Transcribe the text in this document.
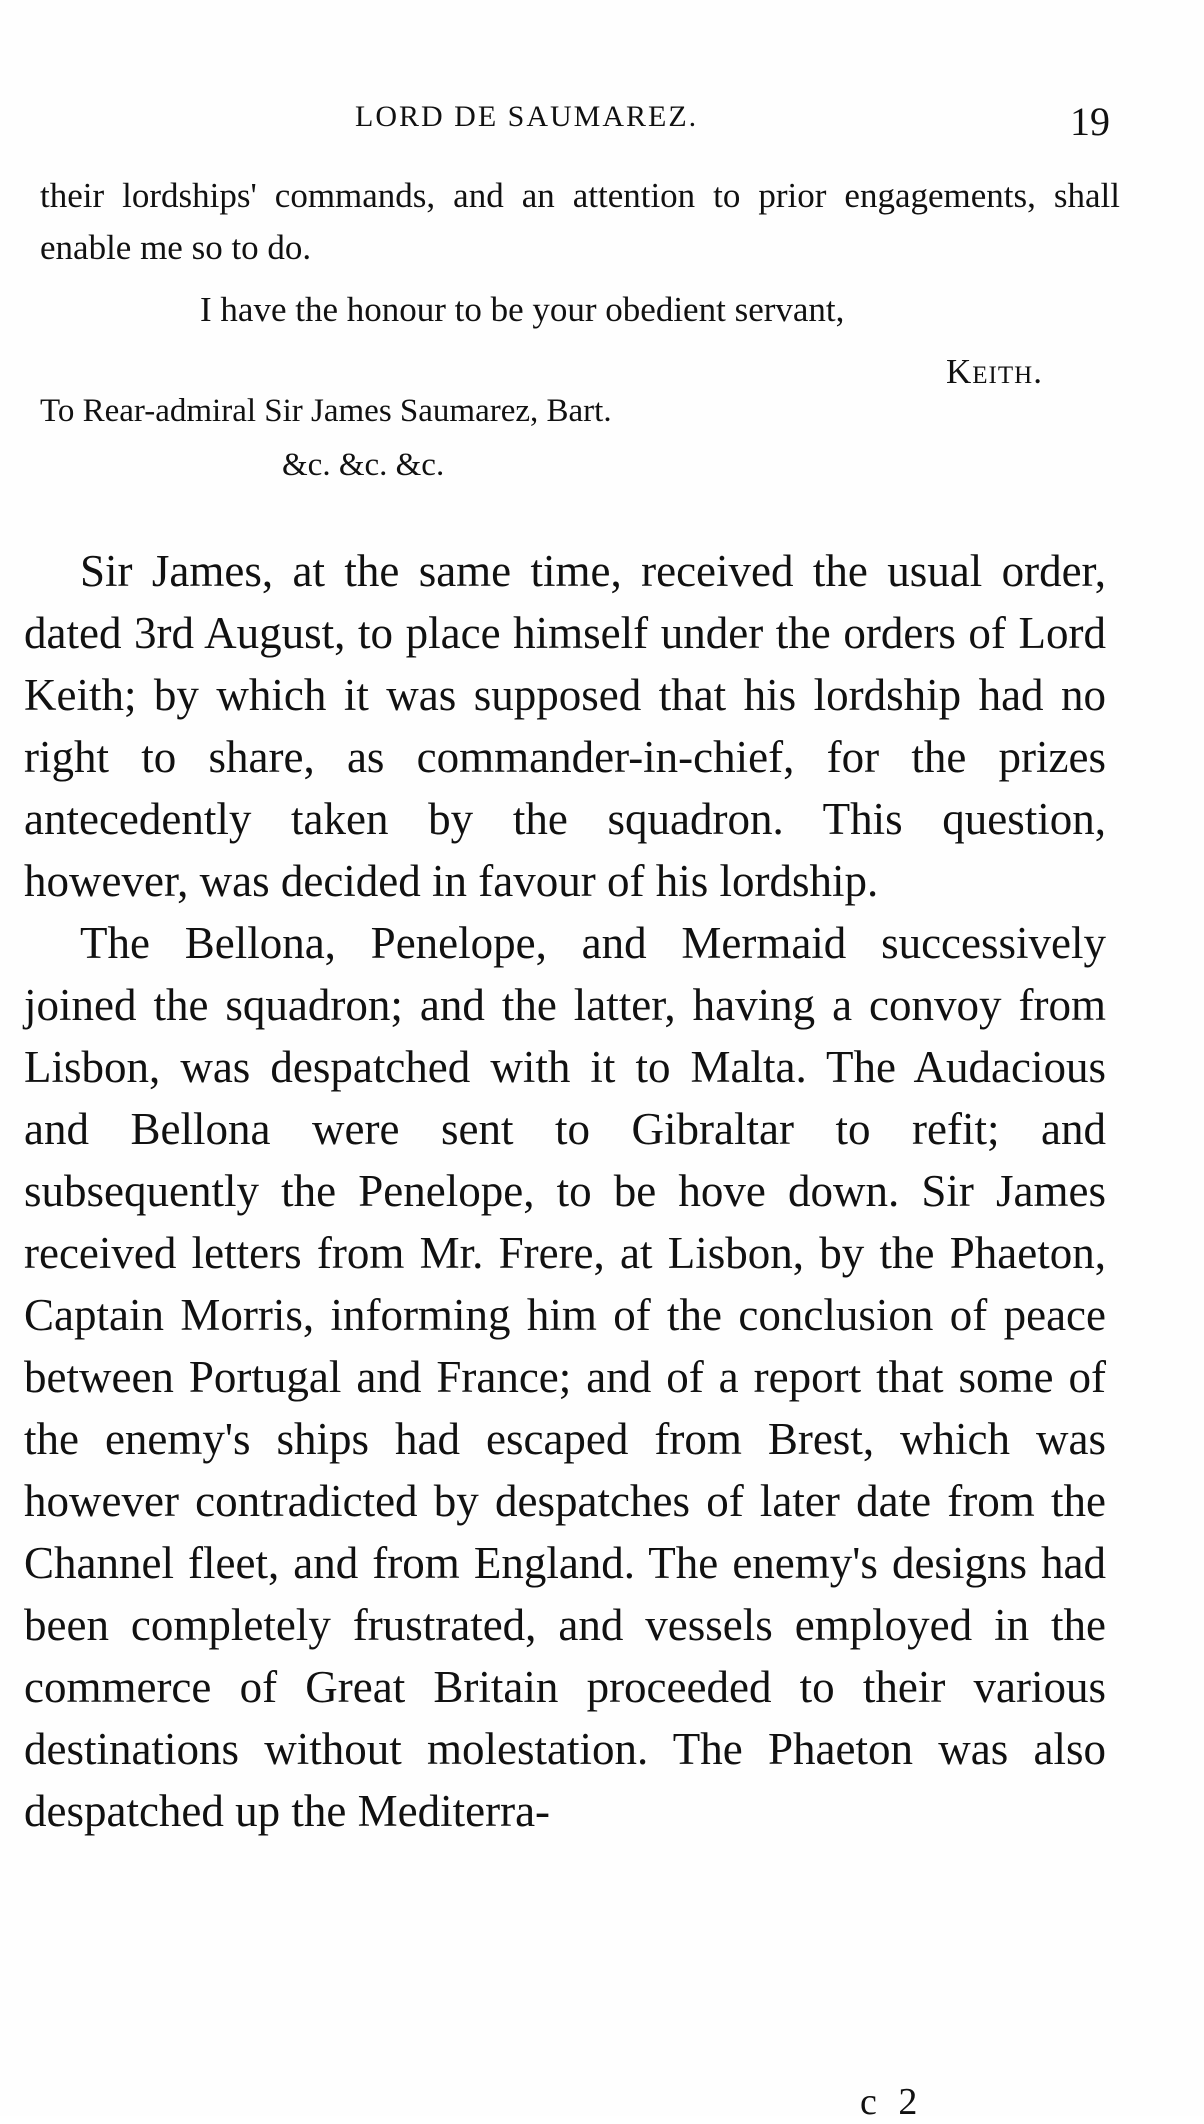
LORD DE SAUMAREZ.	19

their lordships' commands, and an attention to prior engagements, shall enable me so to do.

I have the honour to be your obedient servant,
Keith.
To Rear-admiral Sir James Saumarez, Bart.
&c. &c. &c.

Sir James, at the same time, received the usual order, dated 3rd August, to place himself under the orders of Lord Keith; by which it was supposed that his lordship had no right to share, as commander-in-chief, for the prizes antecedently taken by the squadron. This question, however, was decided in favour of his lordship.

The Bellona, Penelope, and Mermaid successively joined the squadron; and the latter, having a convoy from Lisbon, was despatched with it to Malta. The Audacious and Bellona were sent to Gibraltar to refit; and subsequently the Penelope, to be hove down. Sir James received letters from Mr. Frere, at Lisbon, by the Phaeton, Captain Morris, informing him of the conclusion of peace between Portugal and France; and of a report that some of the enemy's ships had escaped from Brest, which was however contradicted by despatches of later date from the Channel fleet, and from England. The enemy's designs had been completely frustrated, and vessels employed in the commerce of Great Britain proceeded to their various destinations without molestation. The Phaeton was also despatched up the Mediterra-

c 2
